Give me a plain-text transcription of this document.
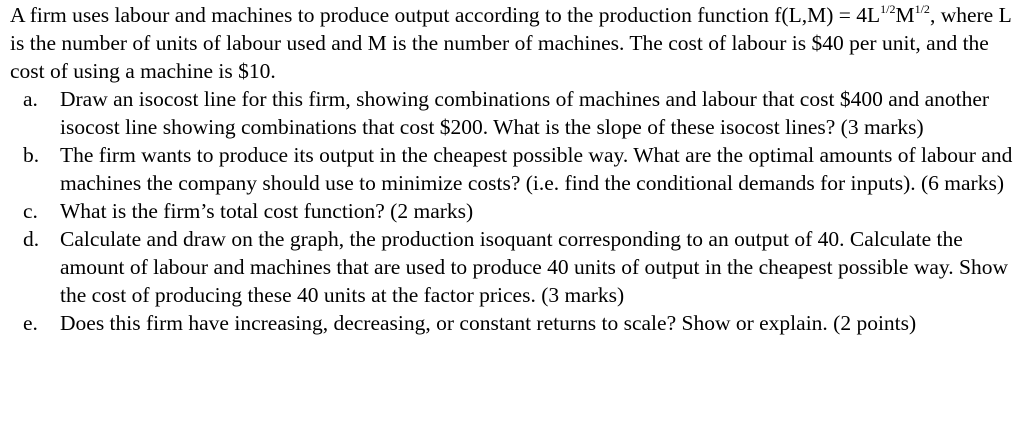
A firm uses labour and machines to produce output according to the production function $f(L,M) = 4L^{1/2}M^{1/2}$, where L is the number of units of labour used and M is the number of machines. The cost of labour is $40 per unit, and the cost of using a machine is $10.

a. Draw an isocost line for this firm, showing combinations of machines and labour that cost $400 and another isocost line showing combinations that cost $200. What is the slope of these isocost lines? (3 marks)
b. The firm wants to produce its output in the cheapest possible way. What are the optimal amounts of labour and machines the company should use to minimize costs? (i.e. find the conditional demands for inputs). (6 marks)
c. What is the firm’s total cost function? (2 marks)
d. Calculate and draw on the graph, the production isoquant corresponding to an output of 40. Calculate the amount of labour and machines that are used to produce 40 units of output in the cheapest possible way. Show the cost of producing these 40 units at the factor prices. (3 marks)
e. Does this firm have increasing, decreasing, or constant returns to scale? Show or explain. (2 points)
